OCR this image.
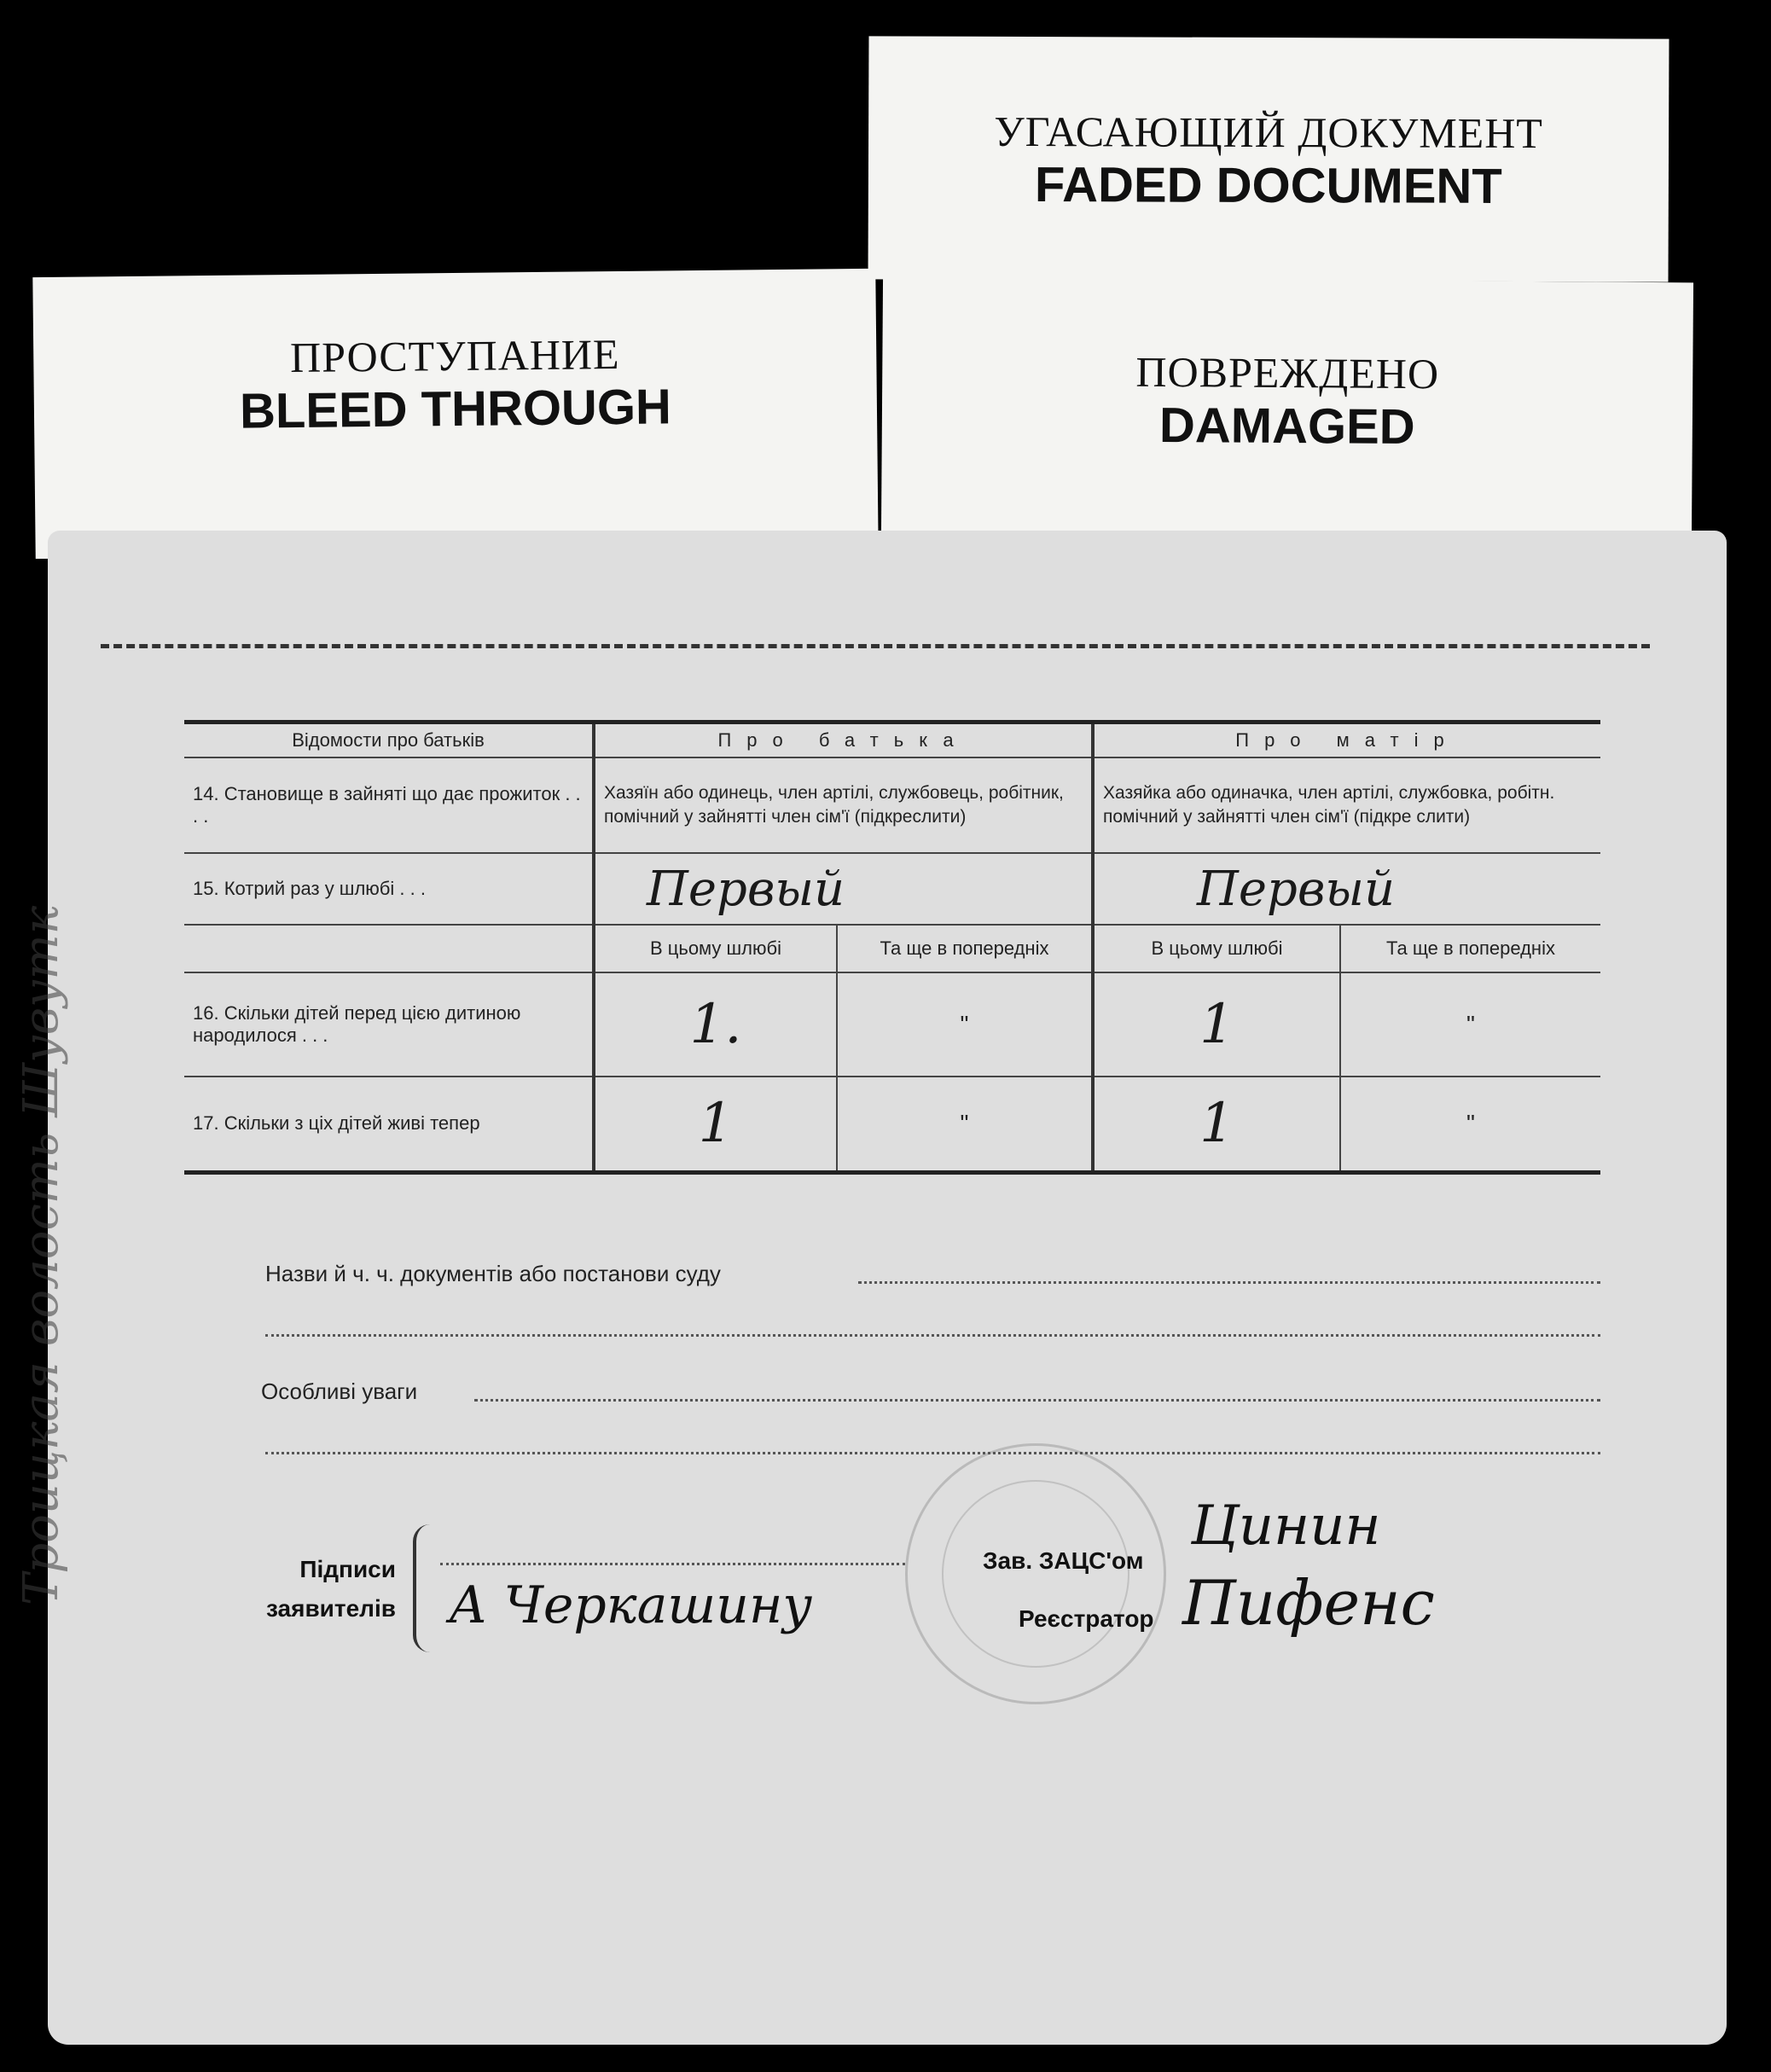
УГАСАЮЩИЙ ДОКУМЕНТ
FADED DOCUMENT
ПРОСТУПАНИЕ
BLEED THROUGH
ПОВРЕЖДЕНО
DAMAGED
Троицкая волость Шувутк
Відомости про батьків	Про батька		Про матір	
14. Становище в зайняті що дає прожиток . . . .	Хазяїн або одинець, член артілі, службовець, робітник, помічний у зайнятті член сім'ї (підкреслити)		Хазяйка або одиначка, член артілі, службовка, робітн. помічний у зайнятті член сім'ї (підкре слити)	
15. Котрий раз у шлюбі . . .	Первый		Первый	
	В цьому шлюбі	Та ще в попередніх	В цьому шлюбі	Та ще в попередніх
16. Скільки дітей перед цією дитиною народилося . . .	1.	"	1	"
17. Скільки з ціх дітей живі тепер	1	"	1	"
Назви й ч. ч. документів або постанови суду
Особливі уваги
Підписи
заявителів А Черкашину
Зав. ЗАЦС'ом
Реєстратор
Цинин
Пифенс
